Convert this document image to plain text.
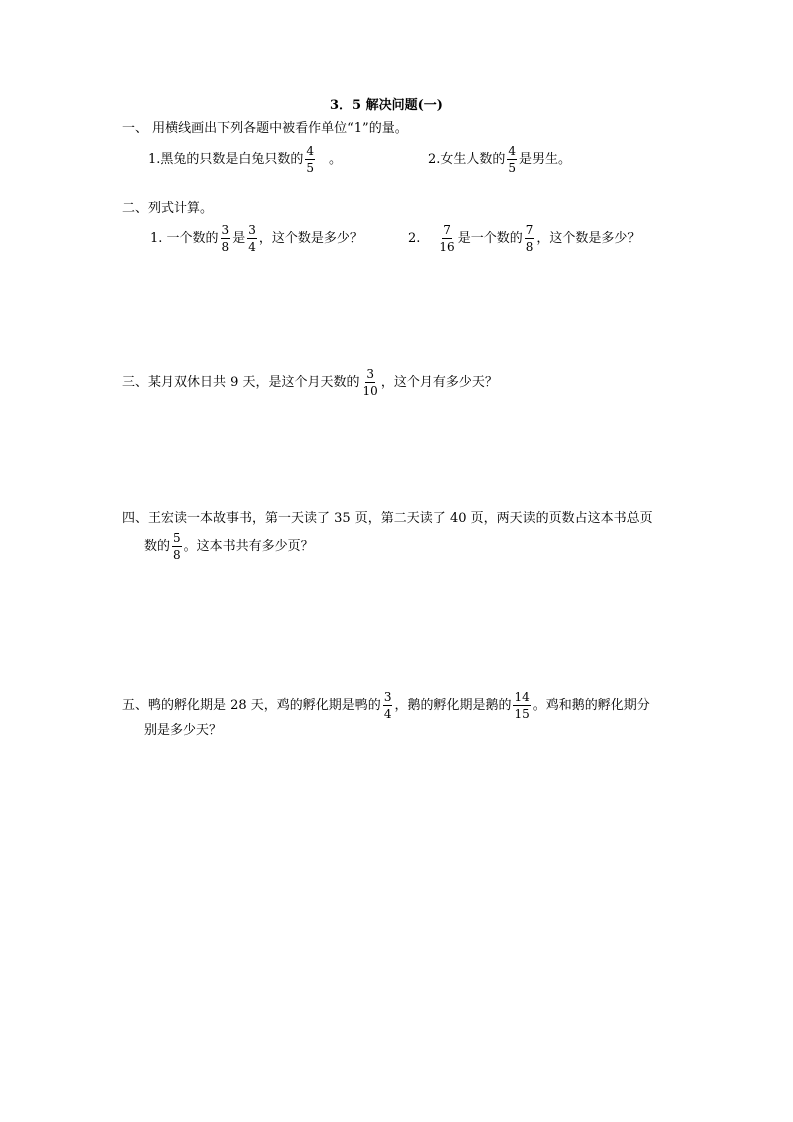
3．5 解决问题(一)
一、 用横线画出下列各题中被看作单位“1”的量。
1.黑兔的只数是白兔只数的 $\frac{4}{5}$ 。	2.女生人数的 $\frac{4}{5}$ 是男生。
二、列式计算。
1. 一个数的 $\frac{3}{8}$ 是 $\frac{3}{4}$ ，这个数是多少？	2. $\frac{7}{16}$ 是一个数的 $\frac{7}{8}$ ，这个数是多少？
三、某月双休日共 9 天，是这个月天数的 $\frac{3}{10}$ ，这个月有多少天？
四、王宏读一本故事书，第一天读了 35 页，第二天读了 40 页，两天读的页数占这本书总页
数的 $\frac{5}{8}$ 。这本书共有多少页？
五、鸭的孵化期是 28 天，鸡的孵化期是鸭的 $\frac{3}{4}$ ，鹅的孵化期是鹅的 $\frac{14}{15}$ 。鸡和鹅的孵化期分
别是多少天？
